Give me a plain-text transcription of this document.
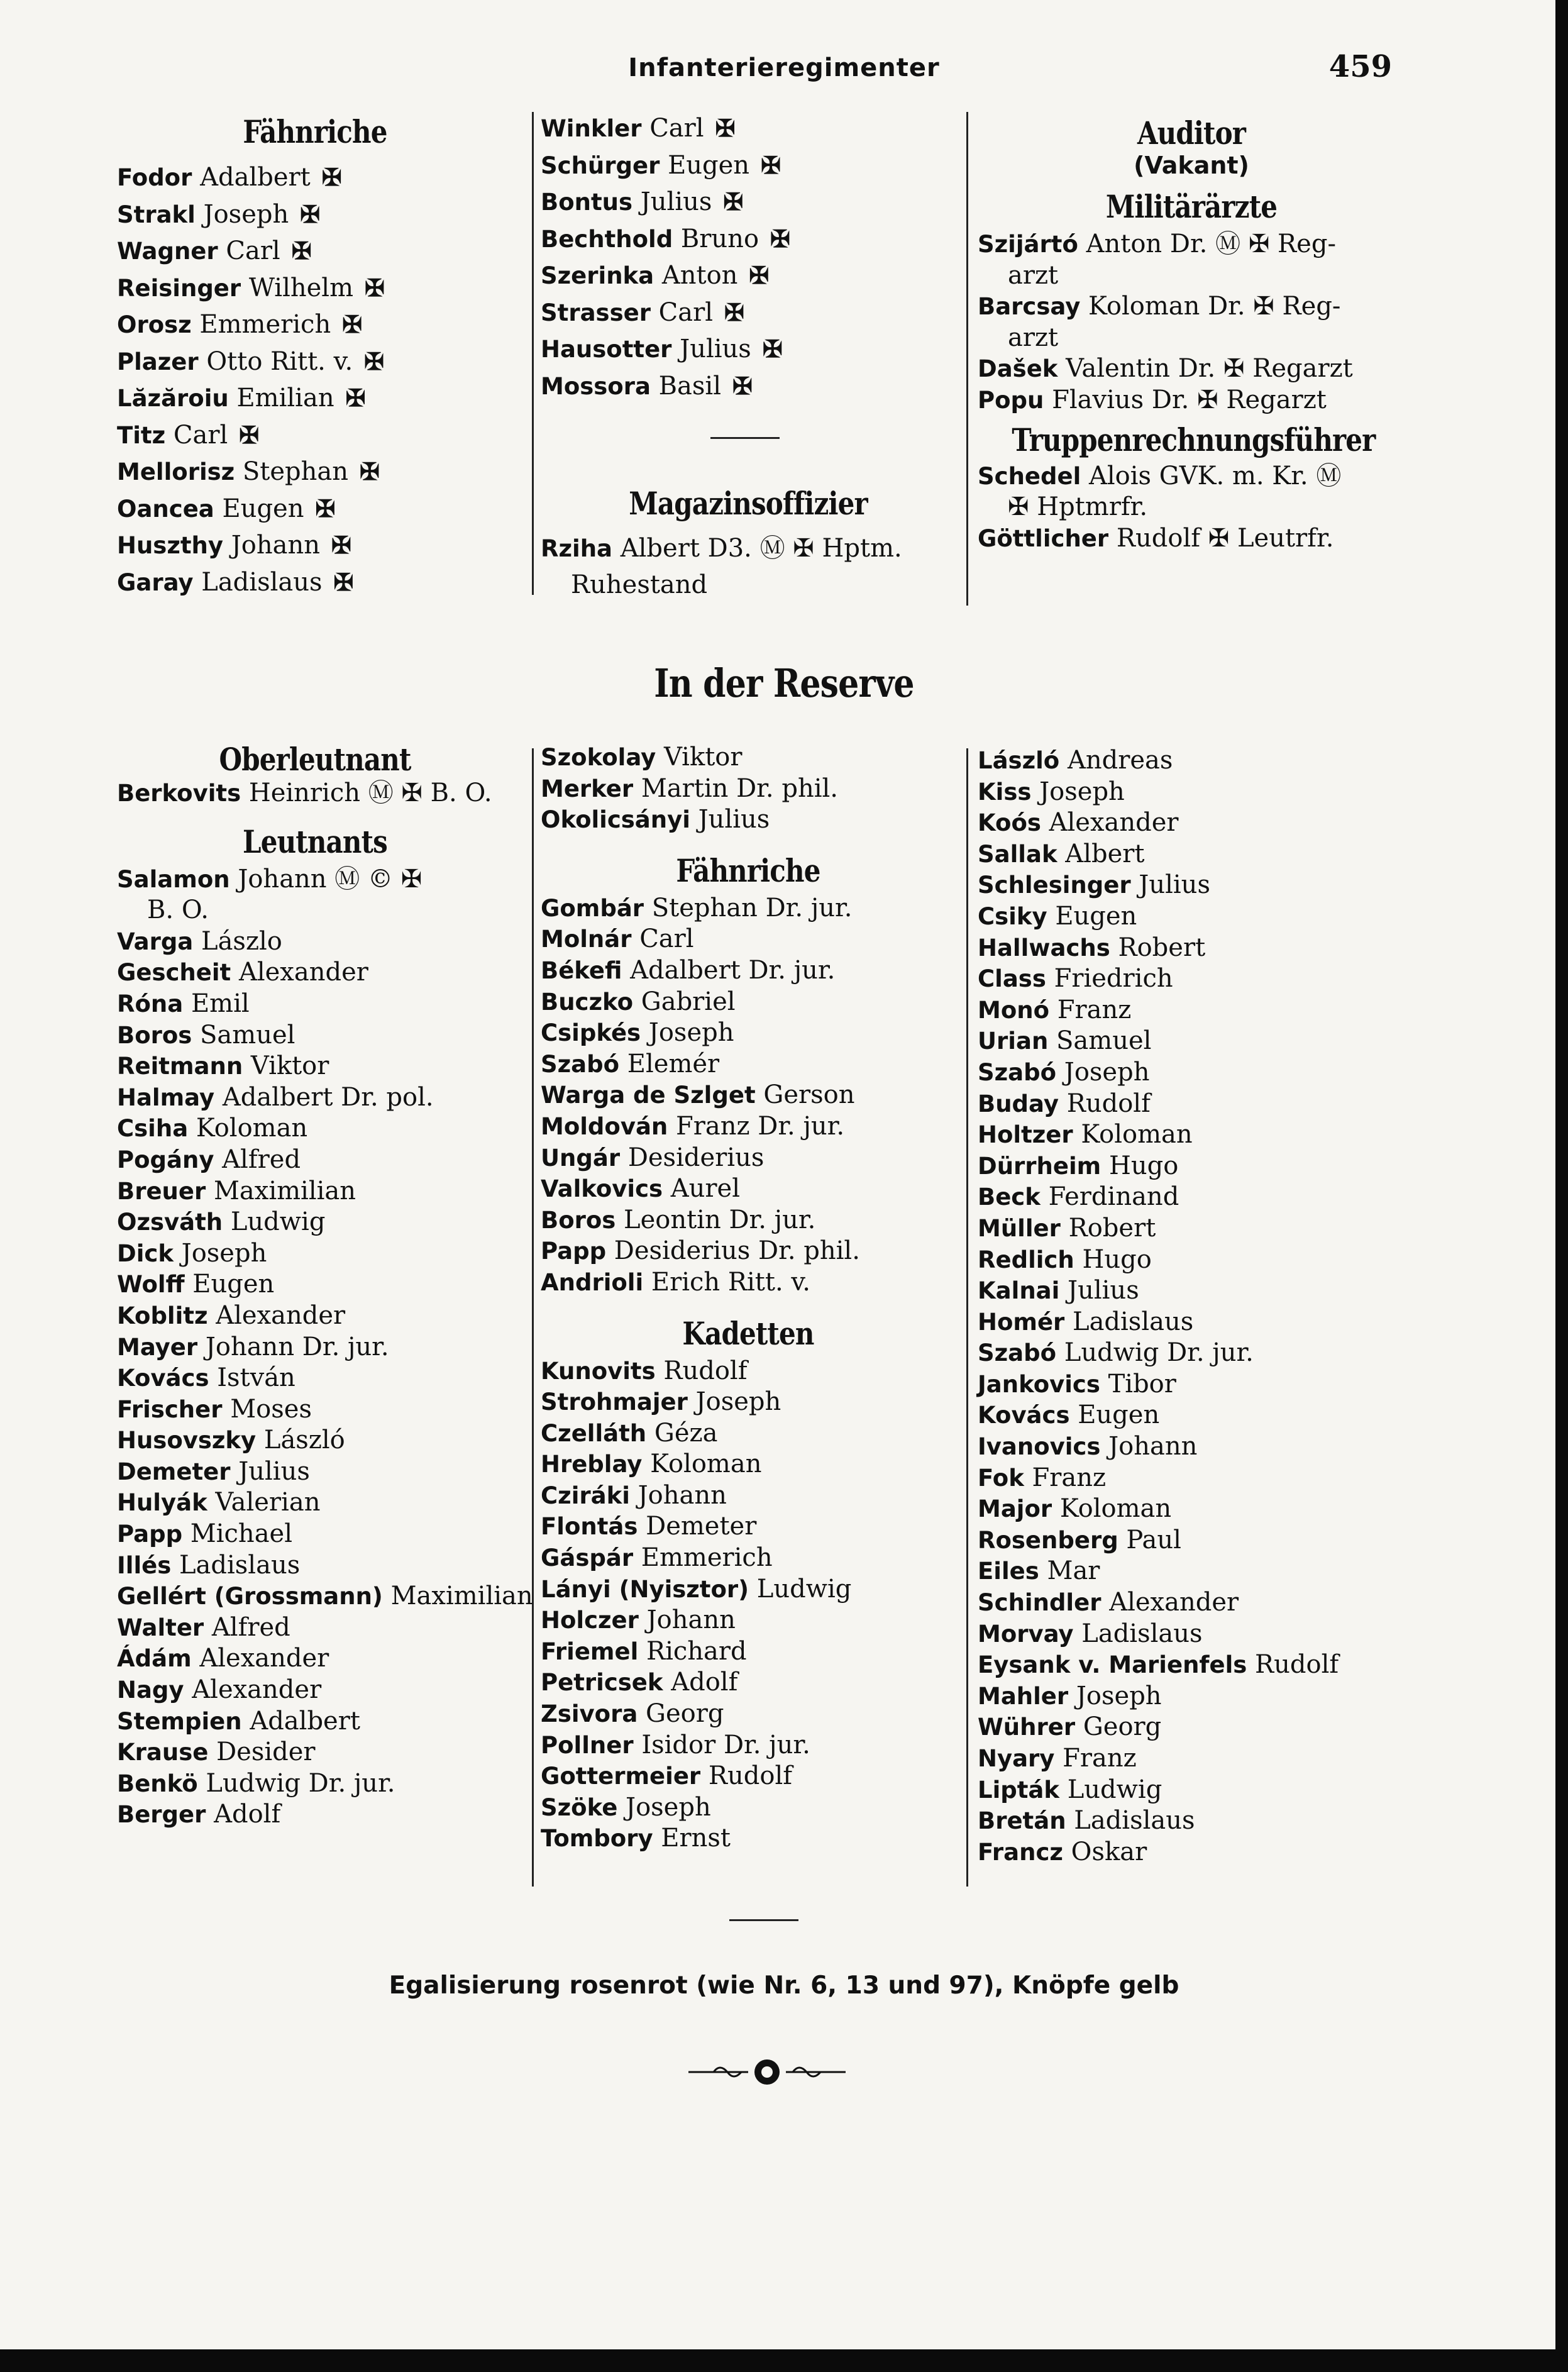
Infanterieregimenter	459
Fähnriche
Fodor Adalbert ✠
Strakl Joseph ✠
Wagner Carl ✠
Reisinger Wilhelm ✠
Orosz Emmerich ✠
Plazer Otto Ritt. v. ✠
Lăzăroiu Emilian ✠
Titz Carl ✠
Mellorisz Stephan ✠
Oancea Eugen ✠
Huszthy Johann ✠
Garay Ladislaus ✠
Winkler Carl ✠
Schürger Eugen ✠
Bontus Julius ✠
Bechthold Bruno ✠
Szerinka Anton ✠
Strasser Carl ✠
Hausotter Julius ✠
Mossora Basil ✠
Magazinsoffizier
Rziha Albert D3. Ⓜ ✠ Hptm.
Ruhestand
Auditor
(Vakant)
Militärärzte
Szijártó Anton Dr. Ⓜ ✠ Reg-
arzt
Barcsay Koloman Dr. ✠ Reg-
arzt
Dašek Valentin Dr. ✠ Regarzt
Popu Flavius Dr. ✠ Regarzt
Truppenrechnungsführer
Schedel Alois GVK. m. Kr. Ⓜ
✠ Hptmrfr.
Göttlicher Rudolf ✠ Leutrfr.
In der Reserve
Oberleutnant
Berkovits Heinrich Ⓜ ✠ B. O.
Leutnants
Salamon Johann Ⓜ © ✠
B. O.
Varga Lászlo
Gescheit Alexander
Róna Emil
Boros Samuel
Reitmann Viktor
Halmay Adalbert Dr. pol.
Csiha Koloman
Pogány Alfred
Breuer Maximilian
Ozsváth Ludwig
Dick Joseph
Wolff Eugen
Koblitz Alexander
Mayer Johann Dr. jur.
Kovács István
Frischer Moses
Husovszky László
Demeter Julius
Hulyák Valerian
Papp Michael
Illés Ladislaus
Gellért (Grossmann) Maximilian
Walter Alfred
Ádám Alexander
Nagy Alexander
Stempien Adalbert
Krause Desider
Benkö Ludwig Dr. jur.
Berger Adolf
Szokolay Viktor
Merker Martin Dr. phil.
Okolicsányi Julius
Fähnriche
Gombár Stephan Dr. jur.
Molnár Carl
Békefi Adalbert Dr. jur.
Buczko Gabriel
Csipkés Joseph
Szabó Elemér
Warga de Szlget Gerson
Moldován Franz Dr. jur.
Ungár Desiderius
Valkovics Aurel
Boros Leontin Dr. jur.
Papp Desiderius Dr. phil.
Andrioli Erich Ritt. v.
Kadetten
Kunovits Rudolf
Strohmajer Joseph
Czelláth Géza
Hreblay Koloman
Cziráki Johann
Flontás Demeter
Gáspár Emmerich
Lányi (Nyisztor) Ludwig
Holczer Johann
Friemel Richard
Petricsek Adolf
Zsivora Georg
Pollner Isidor Dr. jur.
Gottermeier Rudolf
Szöke Joseph
Tombory Ernst
László Andreas
Kiss Joseph
Koós Alexander
Sallak Albert
Schlesinger Julius
Csiky Eugen
Hallwachs Robert
Class Friedrich
Monó Franz
Urian Samuel
Szabó Joseph
Buday Rudolf
Holtzer Koloman
Dürrheim Hugo
Beck Ferdinand
Müller Robert
Redlich Hugo
Kalnai Julius
Homér Ladislaus
Szabó Ludwig Dr. jur.
Jankovics Tibor
Kovács Eugen
Ivanovics Johann
Fok Franz
Major Koloman
Rosenberg Paul
Eiles Mar
Schindler Alexander
Morvay Ladislaus
Eysank v. Marienfels Rudolf
Mahler Joseph
Wührer Georg
Nyary Franz
Lipták Ludwig
Bretán Ladislaus
Francz Oskar
Egalisierung rosenrot (wie Nr. 6, 13 und 97), Knöpfe gelb
